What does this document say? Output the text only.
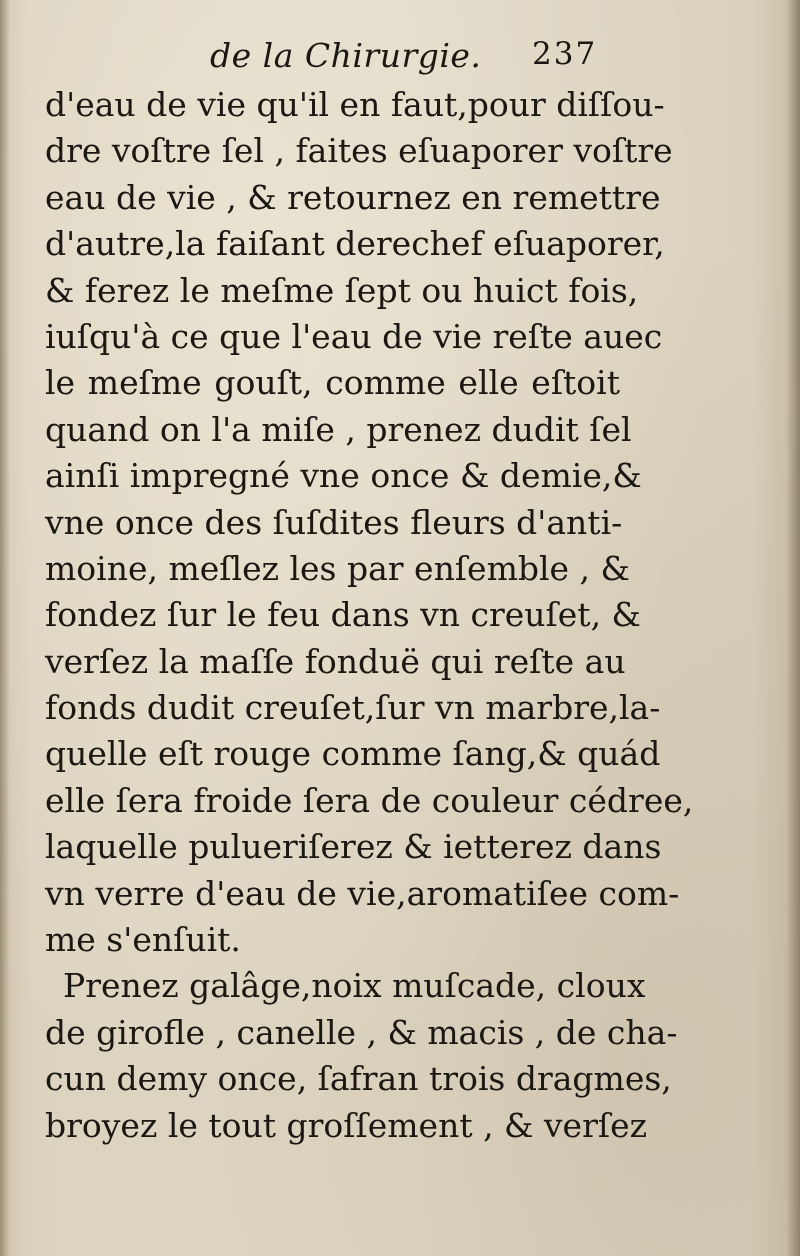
de la Chirurgie. 237
d'eau de vie qu'il en faut,pour diſſou-
dre voſtre ſel , faites eſuaporer voſtre
eau de vie , & retournez en remettre
d'autre,la faiſant derechef eſuaporer,
& ferez le meſme ſept ou huict fois,
iuſqu'à ce que l'eau de vie reſte auec
le meſme gouſt, comme elle eſtoit
quand on l'a miſe , prenez dudit ſel
ainſi impregné vne once & demie,&
vne once des ſuſdites fleurs d'anti-
moine, meſlez les par enſemble , &
fondez ſur le feu dans vn creuſet, &
verſez la maſſe fonduë qui reſte au
fonds dudit creuſet,ſur vn marbre,la-
quelle eſt rouge comme ſang,& quád
elle ſera froide ſera de couleur cédree,
laquelle pulueriſerez & ietterez dans
vn verre d'eau de vie,aromatiſee com-
me s'enſuit.
Prenez galâge,noix muſcade, cloux
de girofle , canelle , & macis , de cha-
cun demy once, ſafran trois dragmes,
broyez le tout groſſement , & verſez
